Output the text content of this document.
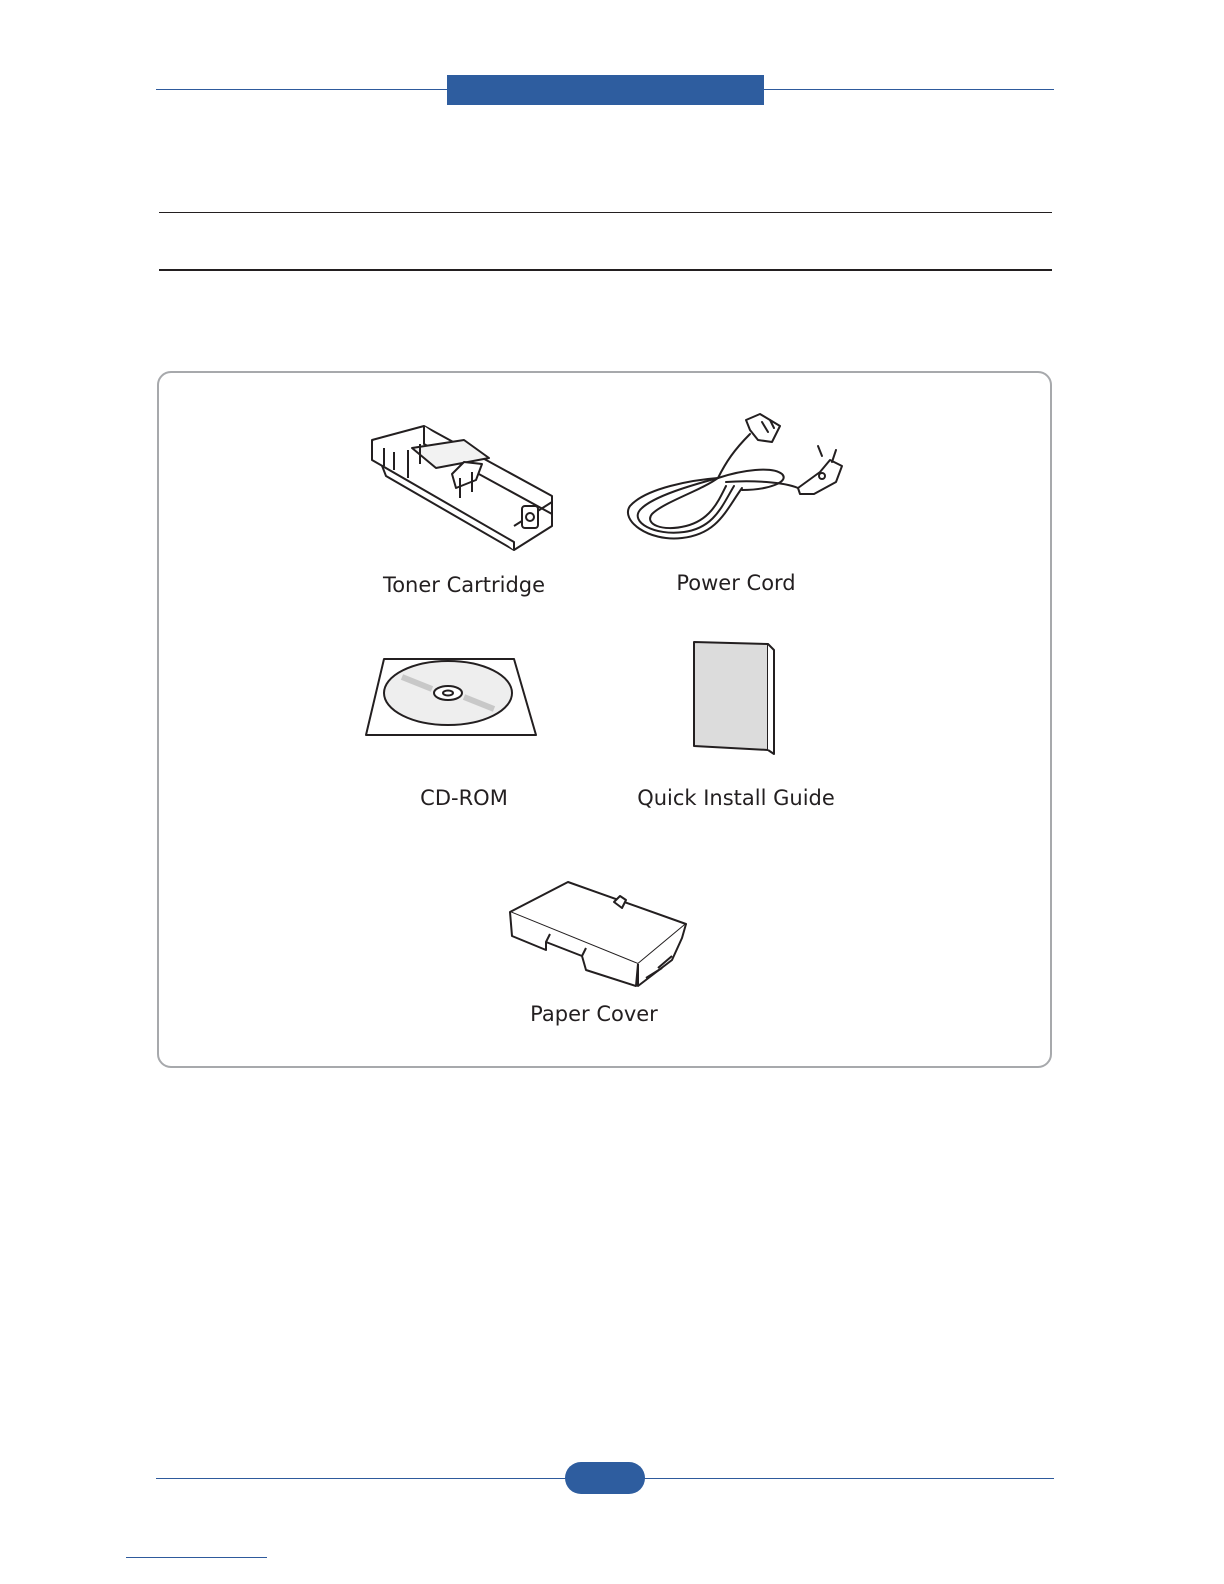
Toner Cartridge	Power Cord
CD-ROM	Quick Install Guide
Paper Cover
